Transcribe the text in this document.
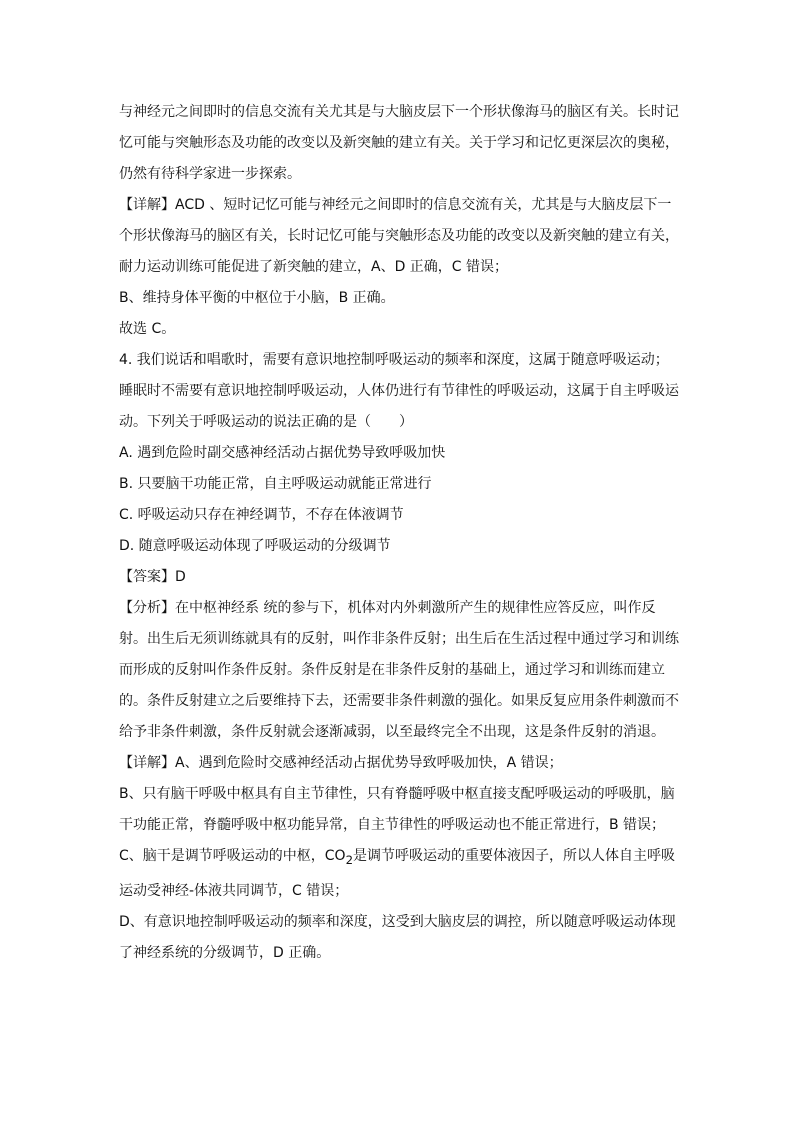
与神经元之间即时的信息交流有关尤其是与大脑皮层下一个形状像海马的脑区有关。长时记忆可能与突触形态及功能的改变以及新突触的建立有关。关于学习和记忆更深层次的奥秘，仍然有待科学家进一步探索。

【详解】ACD 、短时记忆可能与神经元之间即时的信息交流有关，尤其是与大脑皮层下一个形状像海马的脑区有关，长时记忆可能与突触形态及功能的改变以及新突触的建立有关，耐力运动训练可能促进了新突触的建立，A、D 正确，C 错误；

B、维持身体平衡的中枢位于小脑，B 正确。

故选 C。

4. 我们说话和唱歌时，需要有意识地控制呼吸运动的频率和深度，这属于随意呼吸运动；睡眠时不需要有意识地控制呼吸运动，人体仍进行有节律性的呼吸运动，这属于自主呼吸运动。下列关于呼吸运动的说法正确的是（　　）

A. 遇到危险时副交感神经活动占据优势导致呼吸加快

B. 只要脑干功能正常，自主呼吸运动就能正常进行

C. 呼吸运动只存在神经调节，不存在体液调节

D. 随意呼吸运动体现了呼吸运动的分级调节

【答案】D

【分析】在中枢神经系 统的参与下，机体对内外刺激所产生的规律性应答反应，叫作反射。出生后无须训练就具有的反射，叫作非条件反射；出生后在生活过程中通过学习和训练而形成的反射叫作条件反射。条件反射是在非条件反射的基础上，通过学习和训练而建立的。条件反射建立之后要维持下去，还需要非条件刺激的强化。如果反复应用条件刺激而不给予非条件刺激，条件反射就会逐渐减弱，以至最终完全不出现，这是条件反射的消退。

【详解】A、遇到危险时交感神经活动占据优势导致呼吸加快，A 错误；

B、只有脑干呼吸中枢具有自主节律性，只有脊髓呼吸中枢直接支配呼吸运动的呼吸肌，脑干功能正常，脊髓呼吸中枢功能异常，自主节律性的呼吸运动也不能正常进行，B 错误；

C、脑干是调节呼吸运动的中枢，$CO_2$是调节呼吸运动的重要体液因子，所以人体自主呼吸运动受神经-体液共同调节，C 错误；

D、有意识地控制呼吸运动的频率和深度，这受到大脑皮层的调控，所以随意呼吸运动体现了神经系统的分级调节，D 正确。
